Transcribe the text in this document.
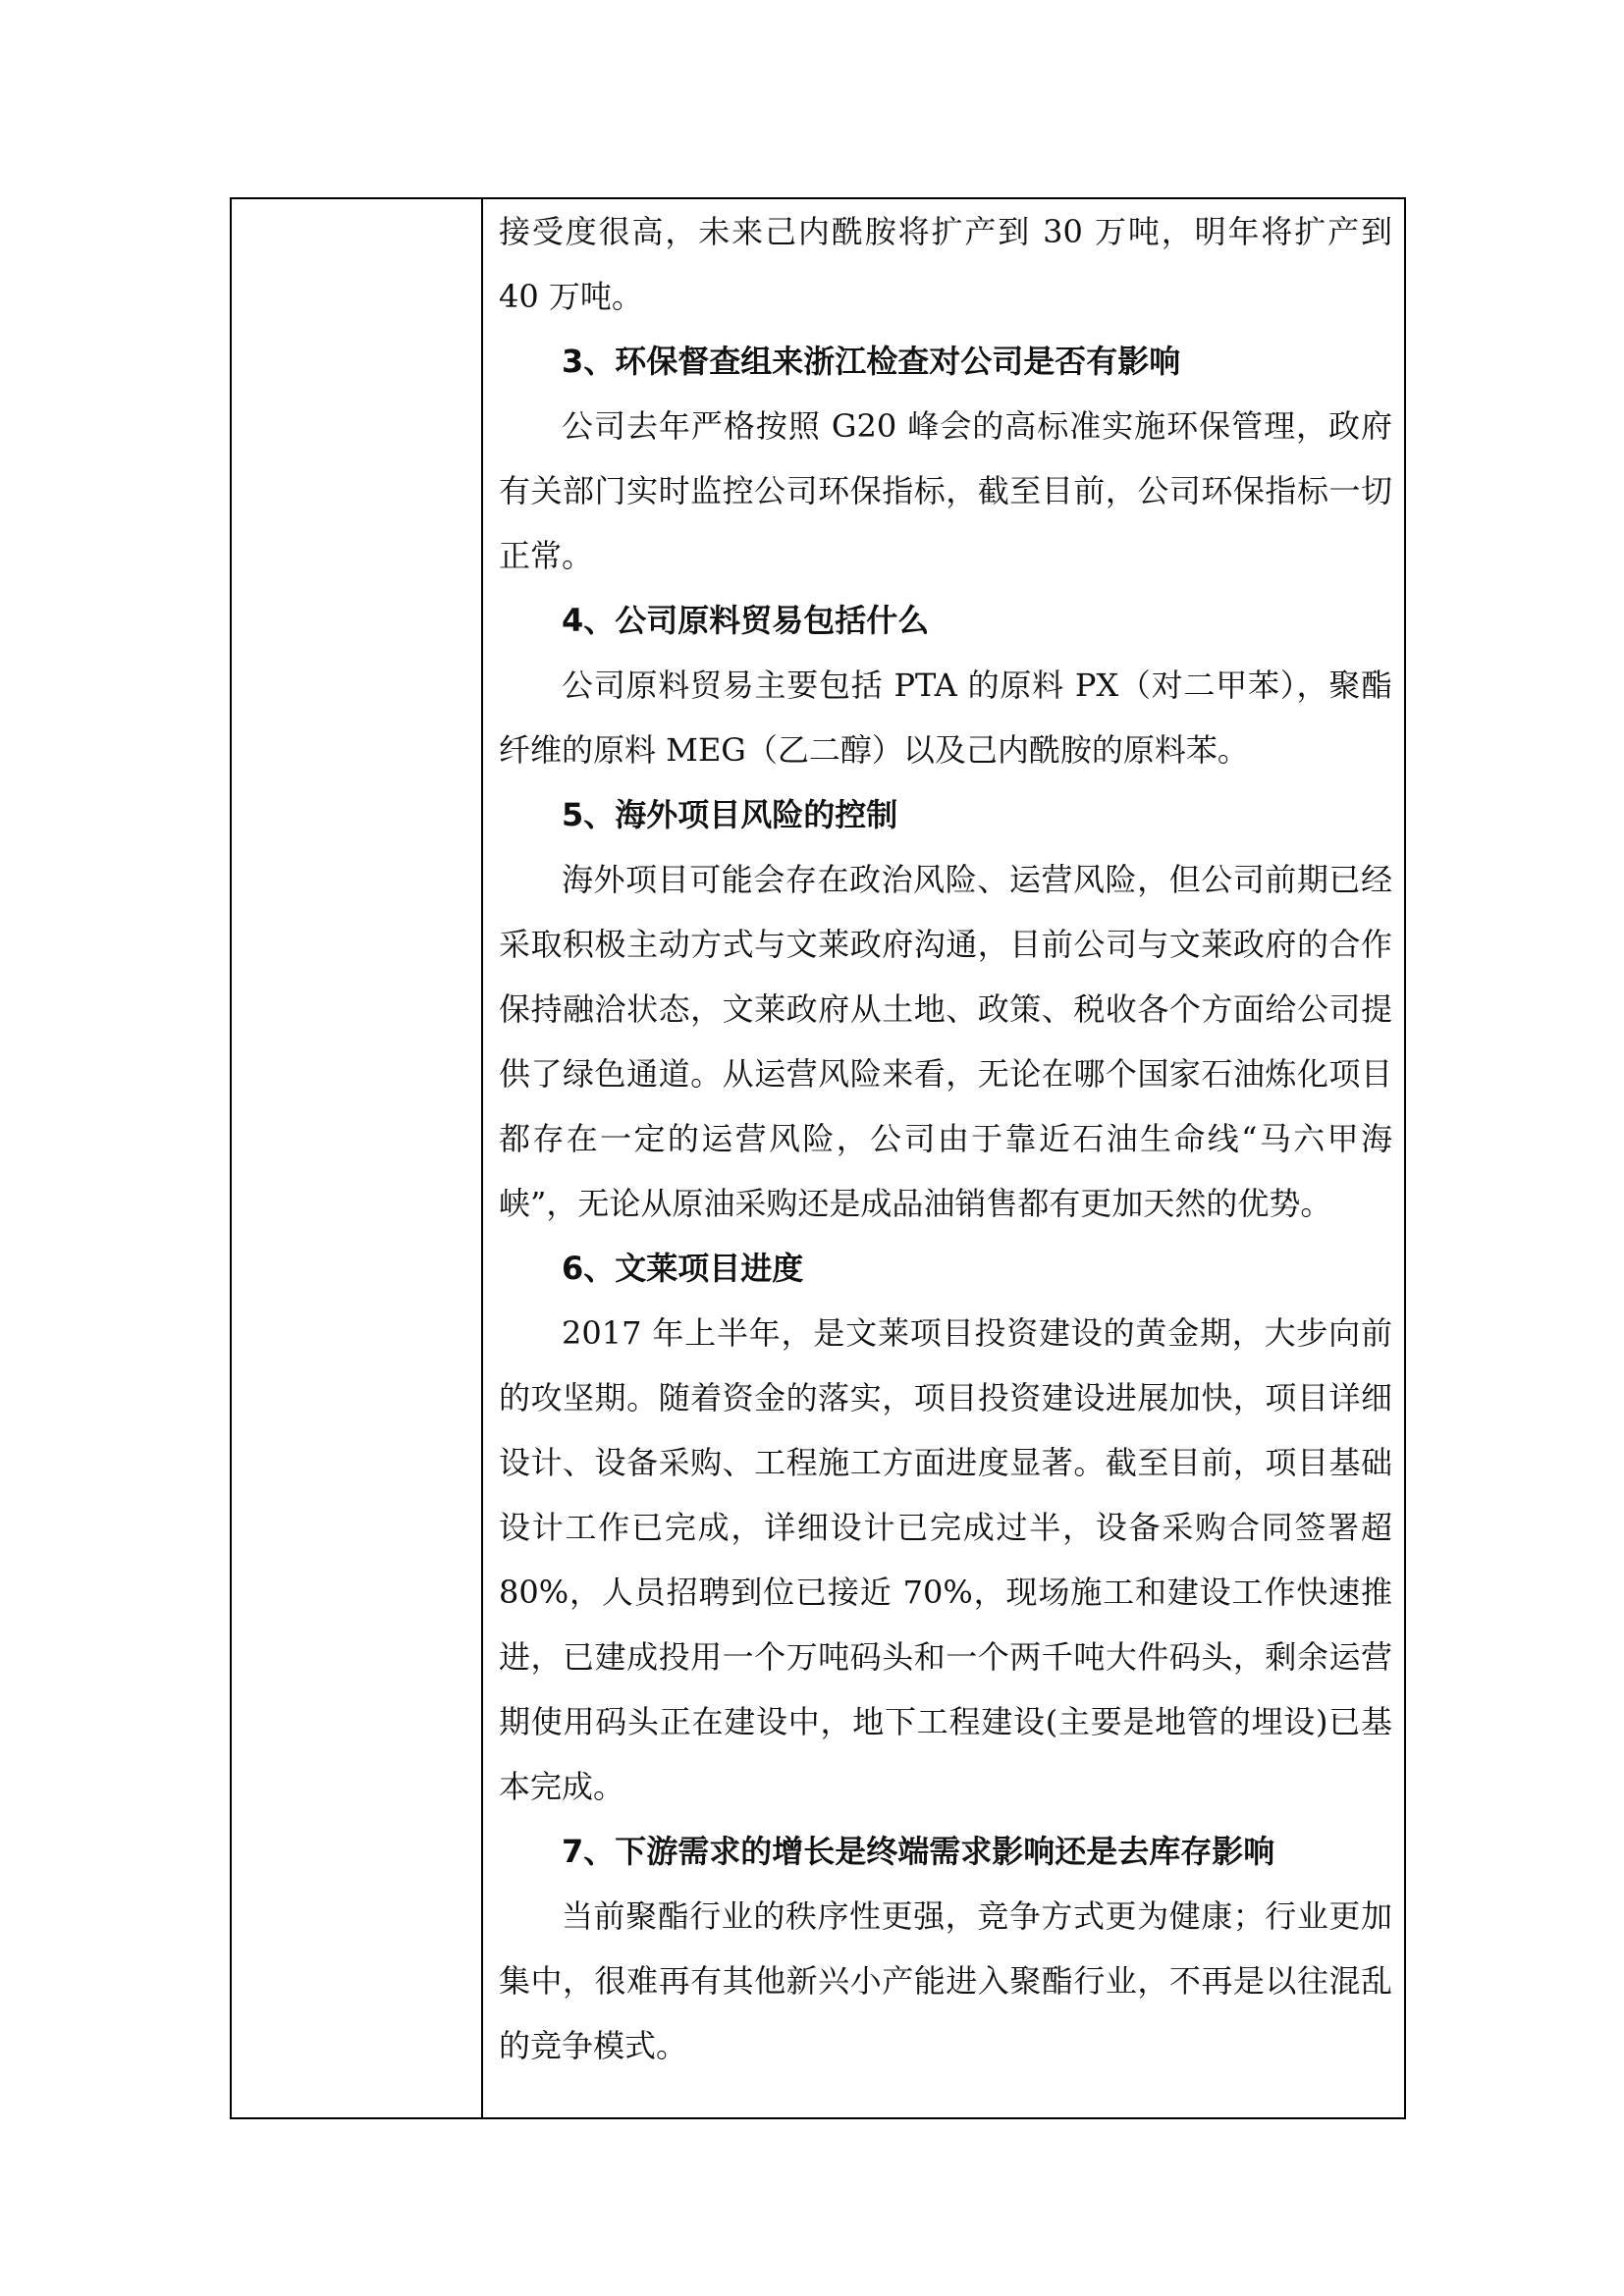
接受度很高，未来己内酰胺将扩产到 30 万吨，明年将扩产到 40 万吨。

3、环保督查组来浙江检查对公司是否有影响

公司去年严格按照 G20 峰会的高标准实施环保管理，政府有关部门实时监控公司环保指标，截至目前，公司环保指标一切正常。

4、公司原料贸易包括什么

公司原料贸易主要包括 PTA 的原料 PX（对二甲苯），聚酯纤维的原料 MEG（乙二醇）以及己内酰胺的原料苯。

5、海外项目风险的控制

海外项目可能会存在政治风险、运营风险，但公司前期已经采取积极主动方式与文莱政府沟通，目前公司与文莱政府的合作保持融洽状态，文莱政府从土地、政策、税收各个方面给公司提供了绿色通道。从运营风险来看，无论在哪个国家石油炼化项目都存在一定的运营风险，公司由于靠近石油生命线“马六甲海峡”，无论从原油采购还是成品油销售都有更加天然的优势。

6、文莱项目进度

2017 年上半年，是文莱项目投资建设的黄金期，大步向前的攻坚期。随着资金的落实，项目投资建设进展加快，项目详细设计、设备采购、工程施工方面进度显著。截至目前，项目基础设计工作已完成，详细设计已完成过半，设备采购合同签署超 80%，人员招聘到位已接近 70%，现场施工和建设工作快速推进，已建成投用一个万吨码头和一个两千吨大件码头，剩余运营期使用码头正在建设中，地下工程建设(主要是地管的埋设)已基本完成。

7、下游需求的增长是终端需求影响还是去库存影响

当前聚酯行业的秩序性更强，竞争方式更为健康；行业更加集中，很难再有其他新兴小产能进入聚酯行业，不再是以往混乱的竞争模式。
